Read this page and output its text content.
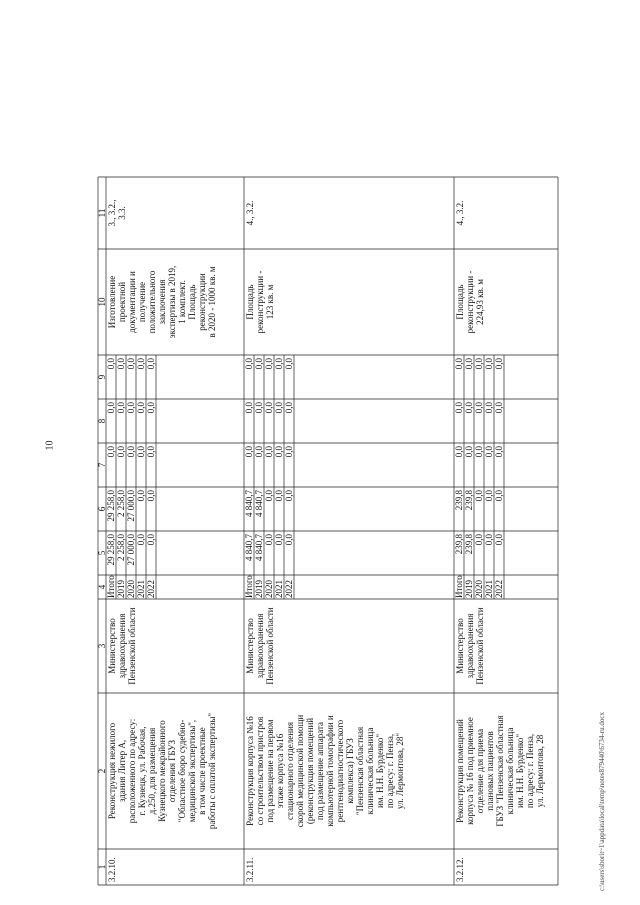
10
1
2
3
4
5
6
7
8
9
10
11
3.2.10.
Реконструкция нежилого здания Литер А, расположенного по адресу: г. Кузнецк, ул. Рабочая, д.250, для размещения Кузнецкого межрайонного отделения ГБУЗ "Областное бюро судебно- медицинской экспертизы", в том числе проектные работы с оплатой экспертизы"
Министерство здравоохранения Пензенской области
Итого 2019 2020 2021 2022
29 258,0 2 258,0 27 000,0 0,0 0,0
29 258,0 2 258,0 27 000,0 0,0 0,0
0,0 0,0 0,0 0,0 0,0
0,0 0,0 0,0 0,0 0,0
0,0 0,0 0,0 0,0 0,0
Изготовление проектной документации и получение положительного заключения экспертизы в 2019, 1 комплект. Площадь реконструкции в 2020 - 1000 кв. м
3., 3.2., 3.3.
3.2.11.
Реконструкция корпуса №16 со строительством пристроя под размещение на первом этаже корпуса №16 стационарного отделения скорой медицинской помощи (реконструкция помещений под размещение аппарата компьютерной томографии и рентгенодиагностического комплекса) ГБУЗ "Пензенская областная клиническая больница им. Н.Н. Бурденко" по адресу: г. Пенза, ул. Лермонтова, 28"
Министерство здравоохранения Пензенской области
Итого 2019 2020 2021 2022
4 840,7 4 840,7 0,0 0,0 0,0
4 840,7 4 840,7 0,0 0,0 0,0
0,0 0,0 0,0 0,0 0,0
0,0 0,0 0,0 0,0 0,0
0,0 0,0 0,0 0,0 0,0
Площадь реконструкции - 123 кв. м
4., 3.2.
3.2.12.
Реконструкция помещений корпуса № 16 под приемное отделение для приема плановых пациентов ГБУЗ "Пензенская областная клиническая больница им. Н.Н. Бурденко" по адресу: г. Пенза, ул. Лермонтова, 28
Министерство здравоохранения Пензенской области
Итого 2019 2020 2021 2022
239,8 239,8 0,0 0,0 0,0
239,8 239,8 0,0 0,0 0,0
0,0 0,0 0,0 0,0 0,0
0,0 0,0 0,0 0,0 0,0
0,0 0,0 0,0 0,0 0,0
Площадь реконструкции - 224,93 кв. м
4., 3.2.
c:\users\sborit~1\appdata\local\temp\notes879440\6734-ru.docx
